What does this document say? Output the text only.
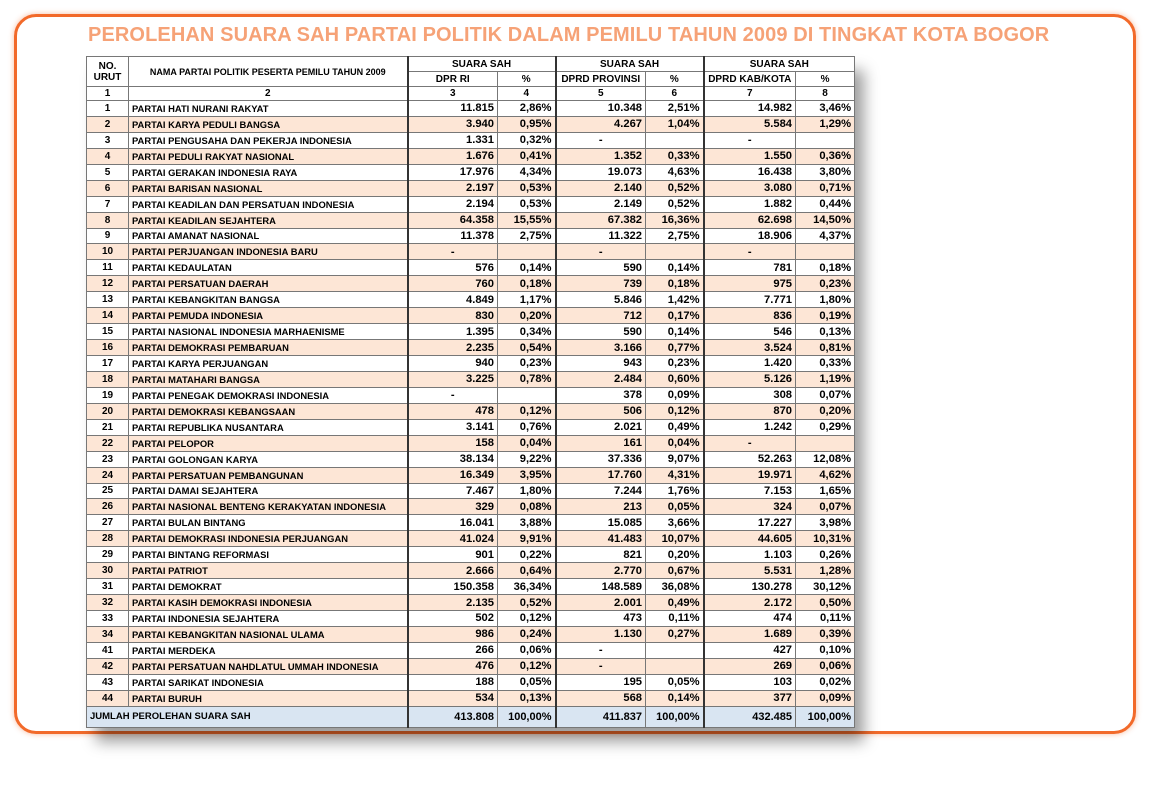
PEROLEHAN SUARA SAH PARTAI POLITIK DALAM PEMILU TAHUN 2009 DI TINGKAT KOTA BOGOR
NO.
URUT	NAMA PARTAI POLITIK PESERTA PEMILU TAHUN 2009	SUARA SAH		SUARA SAH		SUARA SAH	
		DPR RI	%	DPRD PROVINSI	%	DPRD KAB/KOTA	%
1	2	3	4	5	6	7	8
1	PARTAI HATI NURANI RAKYAT	11.815	2,86%	10.348	2,51%	14.982	3,46%
2	PARTAI KARYA PEDULI BANGSA	3.940	0,95%	4.267	1,04%	5.584	1,29%
3	PARTAI PENGUSAHA DAN PEKERJA INDONESIA	1.331	0,32%	-		-	
4	PARTAI PEDULI RAKYAT NASIONAL	1.676	0,41%	1.352	0,33%	1.550	0,36%
5	PARTAI GERAKAN INDONESIA RAYA	17.976	4,34%	19.073	4,63%	16.438	3,80%
6	PARTAI BARISAN NASIONAL	2.197	0,53%	2.140	0,52%	3.080	0,71%
7	PARTAI KEADILAN DAN PERSATUAN INDONESIA	2.194	0,53%	2.149	0,52%	1.882	0,44%
8	PARTAI KEADILAN SEJAHTERA	64.358	15,55%	67.382	16,36%	62.698	14,50%
9	PARTAI AMANAT NASIONAL	11.378	2,75%	11.322	2,75%	18.906	4,37%
10	PARTAI PERJUANGAN INDONESIA BARU	-		-		-	
11	PARTAI KEDAULATAN	576	0,14%	590	0,14%	781	0,18%
12	PARTAI PERSATUAN DAERAH	760	0,18%	739	0,18%	975	0,23%
13	PARTAI KEBANGKITAN BANGSA	4.849	1,17%	5.846	1,42%	7.771	1,80%
14	PARTAI PEMUDA INDONESIA	830	0,20%	712	0,17%	836	0,19%
15	PARTAI NASIONAL INDONESIA MARHAENISME	1.395	0,34%	590	0,14%	546	0,13%
16	PARTAI DEMOKRASI PEMBARUAN	2.235	0,54%	3.166	0,77%	3.524	0,81%
17	PARTAI KARYA PERJUANGAN	940	0,23%	943	0,23%	1.420	0,33%
18	PARTAI MATAHARI BANGSA	3.225	0,78%	2.484	0,60%	5.126	1,19%
19	PARTAI PENEGAK DEMOKRASI INDONESIA	-		378	0,09%	308	0,07%
20	PARTAI DEMOKRASI KEBANGSAAN	478	0,12%	506	0,12%	870	0,20%
21	PARTAI REPUBLIKA NUSANTARA	3.141	0,76%	2.021	0,49%	1.242	0,29%
22	PARTAI PELOPOR	158	0,04%	161	0,04%	-	
23	PARTAI GOLONGAN KARYA	38.134	9,22%	37.336	9,07%	52.263	12,08%
24	PARTAI PERSATUAN PEMBANGUNAN	16.349	3,95%	17.760	4,31%	19.971	4,62%
25	PARTAI DAMAI SEJAHTERA	7.467	1,80%	7.244	1,76%	7.153	1,65%
26	PARTAI NASIONAL BENTENG KERAKYATAN INDONESIA	329	0,08%	213	0,05%	324	0,07%
27	PARTAI BULAN BINTANG	16.041	3,88%	15.085	3,66%	17.227	3,98%
28	PARTAI DEMOKRASI INDONESIA PERJUANGAN	41.024	9,91%	41.483	10,07%	44.605	10,31%
29	PARTAI BINTANG REFORMASI	901	0,22%	821	0,20%	1.103	0,26%
30	PARTAI PATRIOT	2.666	0,64%	2.770	0,67%	5.531	1,28%
31	PARTAI DEMOKRAT	150.358	36,34%	148.589	36,08%	130.278	30,12%
32	PARTAI KASIH DEMOKRASI INDONESIA	2.135	0,52%	2.001	0,49%	2.172	0,50%
33	PARTAI INDONESIA SEJAHTERA	502	0,12%	473	0,11%	474	0,11%
34	PARTAI KEBANGKITAN NASIONAL ULAMA	986	0,24%	1.130	0,27%	1.689	0,39%
41	PARTAI MERDEKA	266	0,06%	-		427	0,10%
42	PARTAI PERSATUAN NAHDLATUL UMMAH INDONESIA	476	0,12%	-		269	0,06%
43	PARTAI SARIKAT INDONESIA	188	0,05%	195	0,05%	103	0,02%
44	PARTAI BURUH	534	0,13%	568	0,14%	377	0,09%
JUMLAH PEROLEHAN SUARA SAH		413.808	100,00%	411.837	100,00%	432.485	100,00%
